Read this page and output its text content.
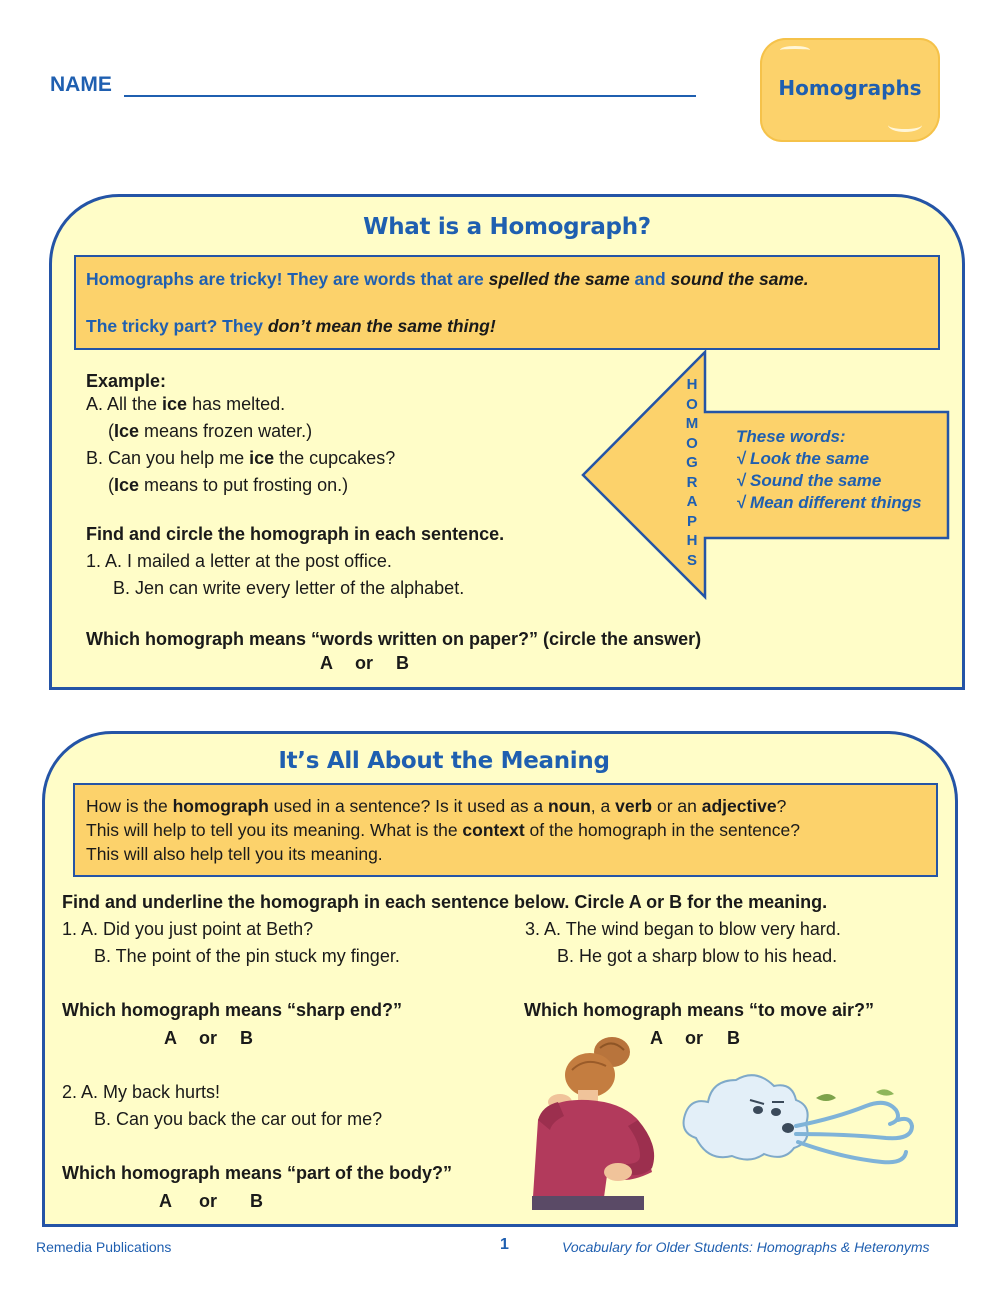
NAME	Homographs
What is a Homograph?
Homographs are tricky! They are words that are spelled the same and sound the same.
The tricky part? They don’t mean the same thing!
Example:
A. All the ice has melted.
(Ice means frozen water.)
B. Can you help me ice the cupcakes?
(Ice means to put frosting on.)
Find and circle the homograph in each sentence.
1. A. I mailed a letter at the post office.
B. Jen can write every letter of the alphabet.
Which homograph means “words written on paper?” (circle the answer)
A or B
H
O
M
O
G
R
A
P
H
S
These words:
√ Look the same
√ Sound the same
√ Mean different things
It’s All About the Meaning
How is the homograph used in a sentence? Is it used as a noun, a verb or an adjective?
This will help to tell you its meaning. What is the context of the homograph in the sentence?
This will also help tell you its meaning.
Find and underline the homograph in each sentence below. Circle A or B for the meaning.
1. A. Did you just point at Beth?
B. The point of the pin stuck my finger.
Which homograph means “sharp end?”
A or B
2. A. My back hurts!
B. Can you back the car out for me?
Which homograph means “part of the body?”
A or B
3. A. The wind began to blow very hard.
B. He got a sharp blow to his head.
Which homograph means “to move air?”
A or B
Remedia Publications	1	Vocabulary for Older Students: Homographs & Heteronyms
